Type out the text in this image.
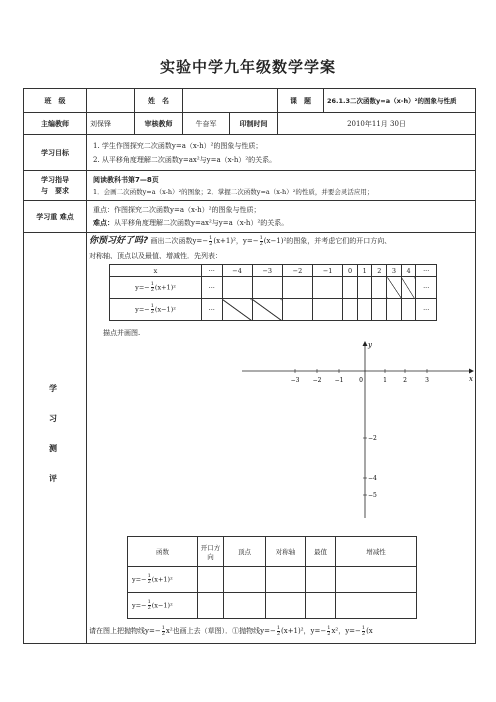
实验中学九年级数学学案
班　级	姓　名	课　题	26.1.3二次函数y=a（x-h）²的图象与性质
主编教师	刘保锋	审核教师	牛奋军	印制时间	2010年11月 30日
学习目标
1. 学生作图探究二次函数y=a（x-h）²的图象与性质；
2. 从平移角度理解二次函数y=ax²与y=a（x-h）²的关系。
学习指导
与　要求
阅读教科书第7—8页
1．会画二次函数y=a（x-h）²的图象；2．掌握二次函数y=a（x-h）²的性质，并要会灵活应用；
学习重 难点
重点：作图探究二次函数y=a（x-h）²的图象与性质；
难点：从平移角度理解二次函数y=ax²与y=a（x-h）²的关系。
学
习
测
评
你预习好了吗? 画出二次函数$y=- \frac{1}{2} (x+1)^2$，$y=- \frac{1}{2} (x-1)^2$的图象，并考虑它们的开口方向、
对称轴、顶点以及最值、增减性．先列表：
x	···	−4	−3	−2	−1	0	1	2	3	4	···
$y=- \frac{1}{2} (x+1)^2$	···										···
$y=- \frac{1}{2} (x-1)^2$	···										···
描点并画图.
x
y
−3 −2 −1	0	1	2	3
−2
−4
−5
函数	开口方向	顶点	对称轴	最值	增减性
$y=- \frac{1}{2} (x+1)^2$					
$y=- \frac{1}{2} (x-1)^2$					
请在图上把抛物线$y=- \frac{1}{2} x^2$也画上去（草图）．①抛物线$y=- \frac{1}{2} (x+1)^2$，$y=- \frac{1}{2} x^2$，$y=- \frac{1}{2} (x$
